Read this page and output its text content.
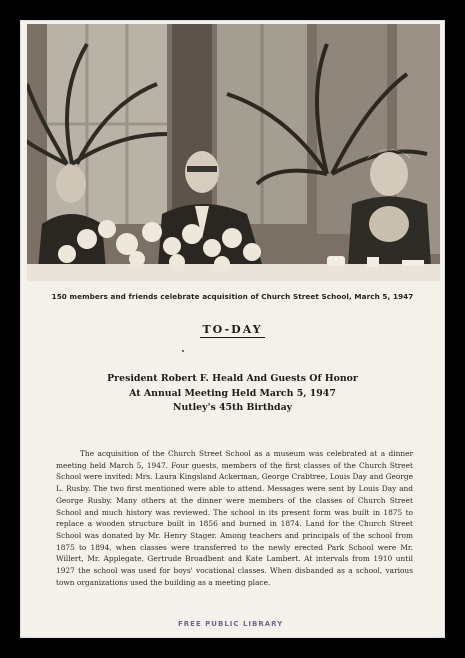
150 members and friends celebrate acquisition of Church Street School, March 5, 1947
TO-DAY
President Robert F. Heald And Guests Of Honor
At Annual Meeting Held March 5, 1947
Nutley's 45th Birthday
The acquisition of the Church Street School as a museum was celebrated at a dinner meeting held March 5, 1947. Four guests, members of the first classes of the Church Street School were invited: Mrs. Laura Kingsland Ackerman, George Crabtree, Louis Day and George L. Rusby. The two first mentioned were able to attend. Messages were sent by Louis Day and George Rusby. Many others at the dinner were members of the classes of Church Street School and much history was reviewed. The school in its present form was built in 1875 to replace a wooden structure built in 1856 and burned in 1874. Land for the Church Street School was donated by Mr. Henry Stager. Among teachers and principals of the school from 1875 to 1894, when classes were transferred to the newly erected Park School were Mr. Willert, Mr. Applegate, Gertrude Broadbent and Kate Lambert. At intervals from 1910 until 1927 the school was used for boys' vocational classes. When disbanded as a school, various town organizations used the building as a meeting place.
FREE PUBLIC LIBRARY
